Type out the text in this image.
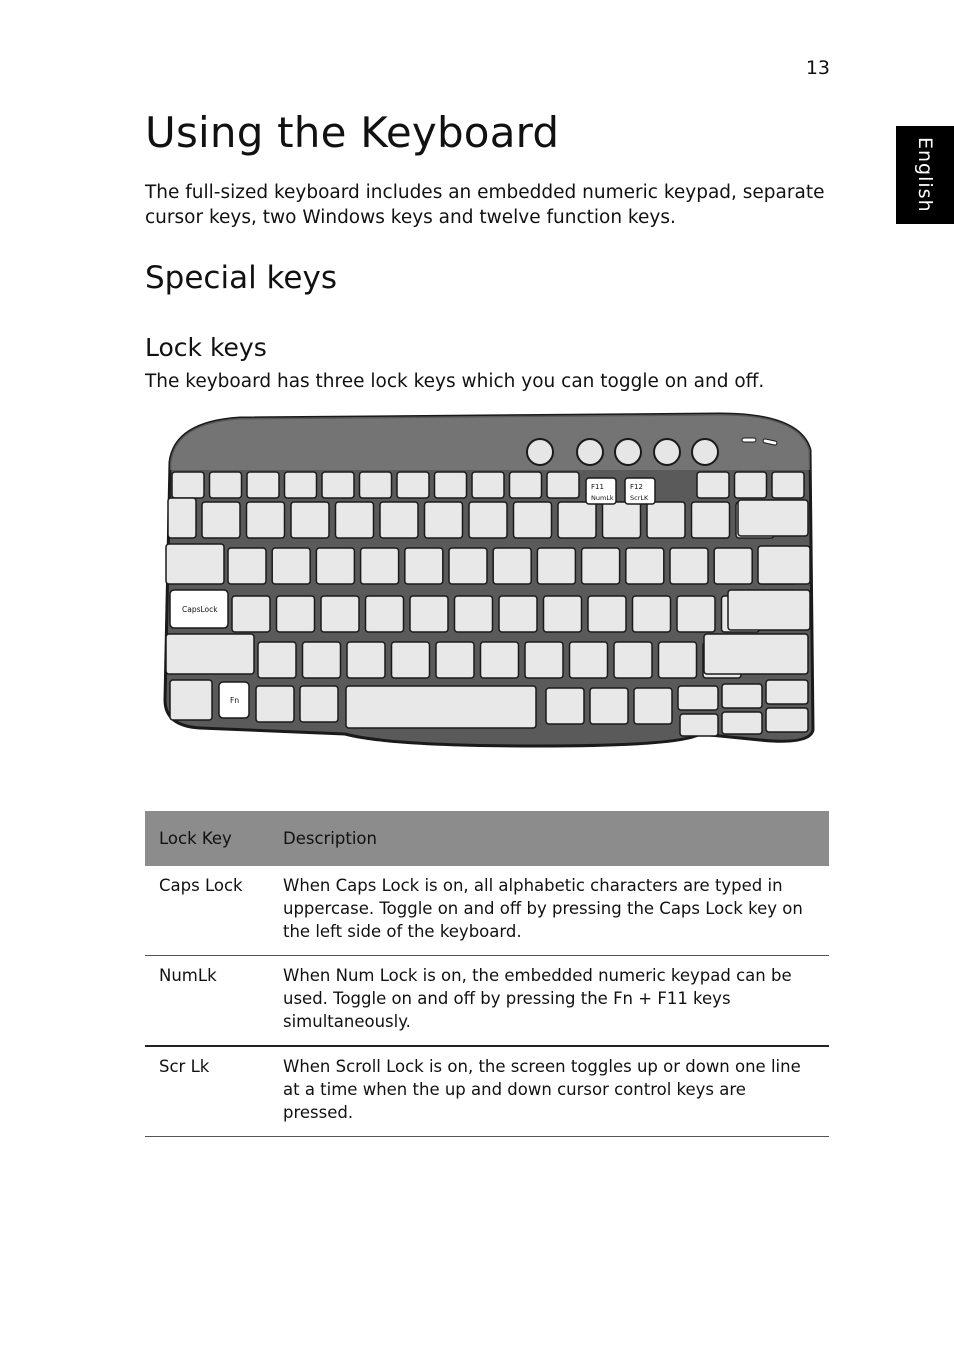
13
English
Using the Keyboard

The full-sized keyboard includes an embedded numeric keypad, separate cursor keys, two Windows keys and twelve function keys.

Special keys
Lock keys

The keyboard has three lock keys which you can toggle on and off.

F11
NumLk
F12
ScrLK
CapsLock
Fn
Lock Key	Description
Caps Lock	When Caps Lock is on, all alphabetic characters are typed in uppercase. Toggle on and off by pressing the Caps Lock key on the left side of the keyboard.
NumLk	When Num Lock is on, the embedded numeric keypad can be used. Toggle on and off by pressing the Fn + F11 keys simultaneously.
Scr Lk	When Scroll Lock is on, the screen toggles up or down one line at a time when the up and down cursor control keys are pressed.
